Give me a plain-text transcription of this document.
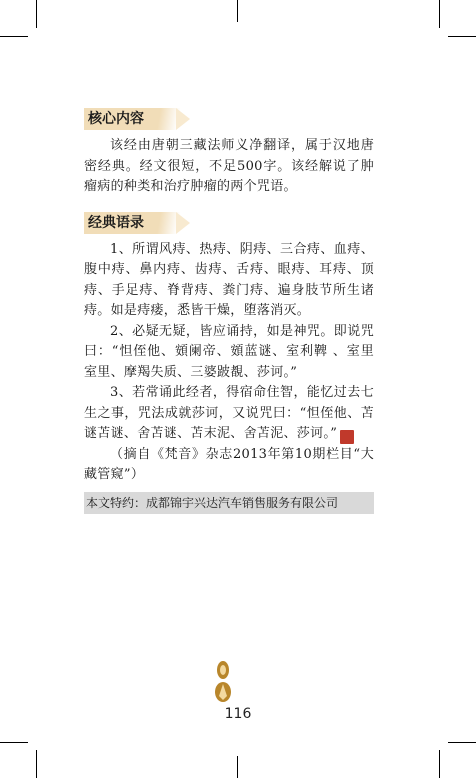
核心内容

该经由唐朝三藏法师义净翻译，属于汉地唐密经典。经文很短，不足500字。该经解说了肿瘤病的种类和治疗肿瘤的两个咒语。

经典语录

1、所谓风痔、热痔、阴痔、三合痔、血痔、腹中痔、鼻内痔、齿痔、舌痔、眼痔、耳痔、顶痔、手足痔、脊背痔、粪门痔、遍身肢节所生诸痔。如是痔瘘，悉皆干燥，堕落消灭。

2、必疑无疑，皆应诵持，如是神咒。即说咒曰：“怛侄他、頞阑帝、頞蓝谜、室利鞞 、室里室里、摩羯失质、三婆跛覩、莎诃。”

3、若常诵此经者，得宿命住智，能忆过去七生之事，咒法成就莎诃，又说咒曰：“怛侄他、苫谜苫谜、舍苫谜、苫末泥、舍苫泥、莎诃。”	梵

（摘自《梵音》杂志2013年第10期栏目“大藏管窥”）

本文特约：成都锦宇兴达汽车销售服务有限公司
116
